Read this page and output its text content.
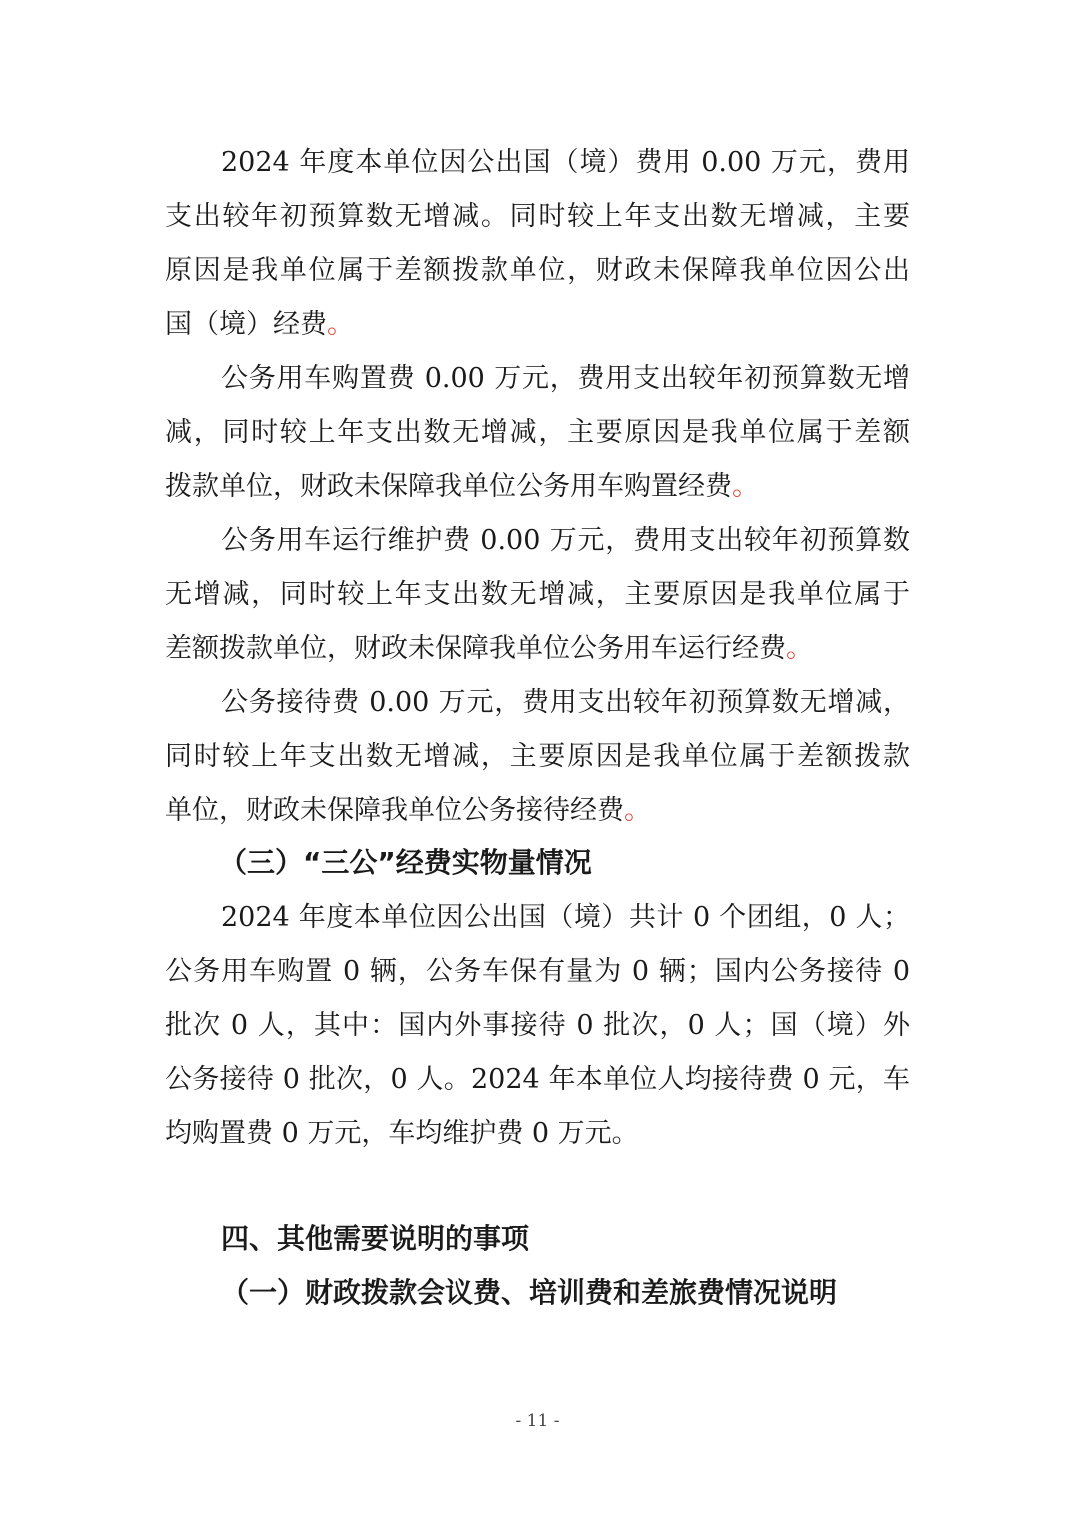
2024 年度本单位因公出国（境）费用 0.00 万元，费用
支出较年初预算数无增减。同时较上年支出数无增减，主要
原因是我单位属于差额拨款单位，财政未保障我单位因公出
国（境）经费。
公务用车购置费 0.00 万元，费用支出较年初预算数无增
减，同时较上年支出数无增减，主要原因是我单位属于差额
拨款单位，财政未保障我单位公务用车购置经费。
公务用车运行维护费 0.00 万元，费用支出较年初预算数
无增减，同时较上年支出数无增减，主要原因是我单位属于
差额拨款单位，财政未保障我单位公务用车运行经费。
公务接待费 0.00 万元，费用支出较年初预算数无增减，
同时较上年支出数无增减，主要原因是我单位属于差额拨款
单位，财政未保障我单位公务接待经费。
（三）“三公”经费实物量情况
2024 年度本单位因公出国（境）共计 0 个团组，0 人；
公务用车购置 0 辆，公务车保有量为 0 辆；国内公务接待 0
批次 0 人，其中：国内外事接待 0 批次，0 人；国（境）外
公务接待 0 批次，0 人。2024 年本单位人均接待费 0 元，车
均购置费 0 万元，车均维护费 0 万元。
四、其他需要说明的事项
（一）财政拨款会议费、培训费和差旅费情况说明
- 11 -
